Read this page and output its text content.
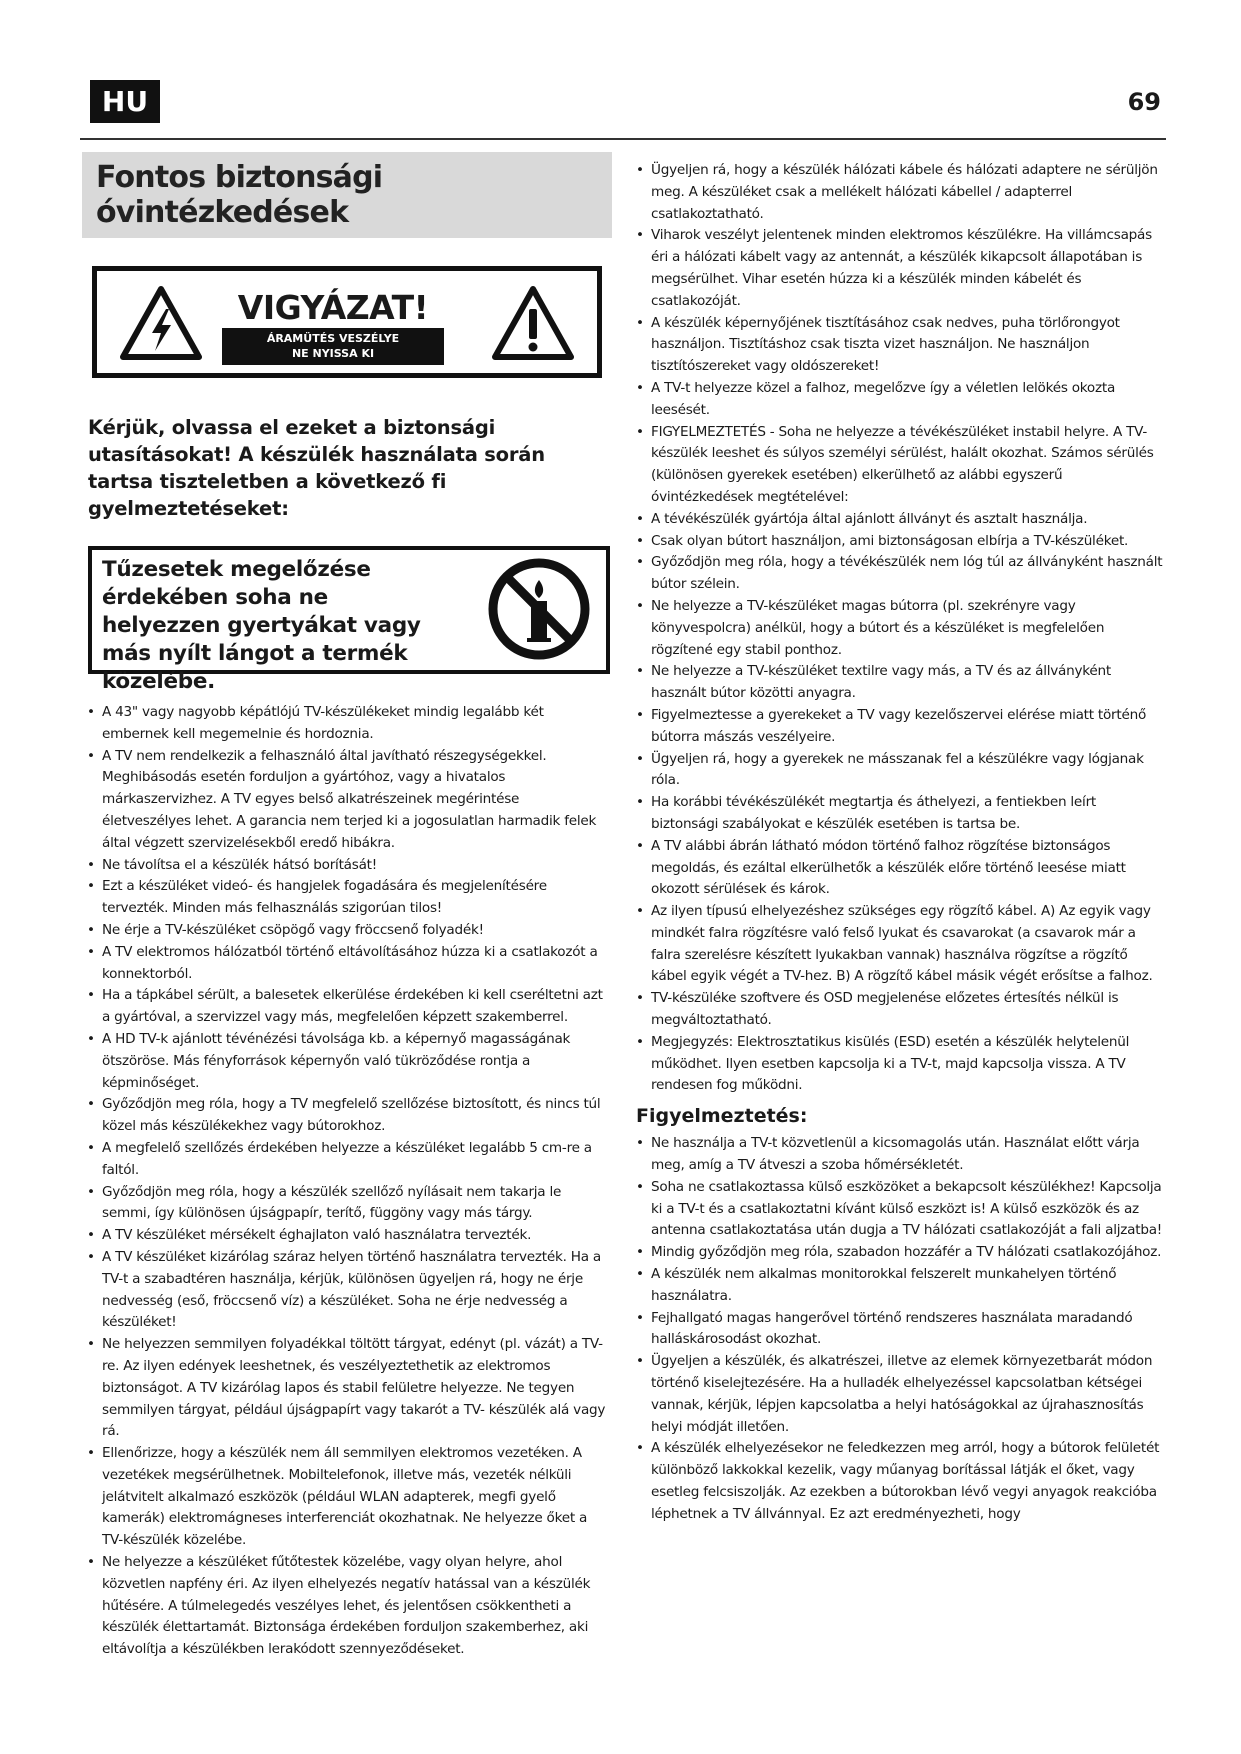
HU	69
Fontos biztonsági óvintézkedések
VIGYÁZAT!
ÁRAMÜTÉS VESZÉLYE
NE NYISSA KI
Kérjük, olvassa el ezeket a biztonsági utasításokat! A készülék használata során tartsa tiszteletben a következő fi gyelmeztetéseket:
Tűzesetek megelőzése érdekében soha ne helyezzen gyertyákat vagy más nyílt lángot a termék közelébe.
• A 43" vagy nagyobb képátlójú TV-készülékeket mindig legalább két embernek kell megemelnie és hordoznia.
• A TV nem rendelkezik a felhasználó által javítható részegységekkel. Meghibásodás esetén forduljon a gyártóhoz, vagy a hivatalos márkaszervizhez. A TV egyes belső alkatrészeinek megérintése életveszélyes lehet. A garancia nem terjed ki a jogosulatlan harmadik felek által végzett szervizelésekből eredő hibákra.
• Ne távolítsa el a készülék hátsó borítását!
• Ezt a készüléket videó- és hangjelek fogadására és megjelenítésére tervezték. Minden más felhasználás szigorúan tilos!
• Ne érje a TV-készüléket csöpögő vagy fröccsenő folyadék!
• A TV elektromos hálózatból történő eltávolításához húzza ki a csatlakozót a konnektorból.
• Ha a tápkábel sérült, a balesetek elkerülése érdekében ki kell cseréltetni azt a gyártóval, a szervizzel vagy más, megfelelően képzett szakemberrel.
• A HD TV-k ajánlott tévénézési távolsága kb. a képernyő magasságának ötszöröse. Más fényforrások képernyőn való tükröződése rontja a képminőséget.
• Győződjön meg róla, hogy a TV megfelelő szellőzése biztosított, és nincs túl közel más készülékekhez vagy bútorokhoz.
• A megfelelő szellőzés érdekében helyezze a készüléket legalább 5 cm-re a faltól.
• Győződjön meg róla, hogy a készülék szellőző nyílásait nem takarja le semmi, így különösen újságpapír, terítő, függöny vagy más tárgy.
• A TV készüléket mérsékelt éghajlaton való használatra tervezték.
• A TV készüléket kizárólag száraz helyen történő használatra tervezték. Ha a TV-t a szabadtéren használja, kérjük, különösen ügyeljen rá, hogy ne érje nedvesség (eső, fröccsenő víz) a készüléket. Soha ne érje nedvesség a készüléket!
• Ne helyezzen semmilyen folyadékkal töltött tárgyat, edényt (pl. vázát) a TV-re. Az ilyen edények leeshetnek, és veszélyeztethetik az elektromos biztonságot. A TV kizárólag lapos és stabil felületre helyezze. Ne tegyen semmilyen tárgyat, például újságpapírt vagy takarót a TV- készülék alá vagy rá.
• Ellenőrizze, hogy a készülék nem áll semmilyen elektromos vezetéken. A vezetékek megsérülhetnek. Mobiltelefonok, illetve más, vezeték nélküli jelátvitelt alkalmazó eszközök (például WLAN adapterek, megfi gyelő kamerák) elektromágneses interferenciát okozhatnak. Ne helyezze őket a TV-készülék közelébe.
• Ne helyezze a készüléket fűtőtestek közelébe, vagy olyan helyre, ahol közvetlen napfény éri. Az ilyen elhelyezés negatív hatással van a készülék hűtésére. A túlmelegedés veszélyes lehet, és jelentősen csökkentheti a készülék élettartamát. Biztonsága érdekében forduljon szakemberhez, aki eltávolítja a készülékben lerakódott szennyeződéseket.
• Ügyeljen rá, hogy a készülék hálózati kábele és hálózati adaptere ne sérüljön meg. A készüléket csak a mellékelt hálózati kábellel / adapterrel csatlakoztatható.
• Viharok veszélyt jelentenek minden elektromos készülékre. Ha villámcsapás éri a hálózati kábelt vagy az antennát, a készülék kikapcsolt állapotában is megsérülhet. Vihar esetén húzza ki a készülék minden kábelét és csatlakozóját.
• A készülék képernyőjének tisztításához csak nedves, puha törlőrongyot használjon. Tisztításhoz csak tiszta vizet használjon. Ne használjon tisztítószereket vagy oldószereket!
• A TV-t helyezze közel a falhoz, megelőzve így a véletlen lelökés okozta leesését.
• FIGYELMEZTETÉS - Soha ne helyezze a tévékészüléket instabil helyre. A TV-készülék leeshet és súlyos személyi sérülést, halált okozhat. Számos sérülés (különösen gyerekek esetében) elkerülhető az alábbi egyszerű óvintézkedések megtételével:
• A tévékészülék gyártója által ajánlott állványt és asztalt használja.
• Csak olyan bútort használjon, ami biztonságosan elbírja a TV-készüléket.
• Győződjön meg róla, hogy a tévékészülék nem lóg túl az állványként használt bútor szélein.
• Ne helyezze a TV-készüléket magas bútorra (pl. szekrényre vagy könyvespolcra) anélkül, hogy a bútort és a készüléket is megfelelően rögzítené egy stabil ponthoz.
• Ne helyezze a TV-készüléket textilre vagy más, a TV és az állványként használt bútor közötti anyagra.
• Figyelmeztesse a gyerekeket a TV vagy kezelőszervei elérése miatt történő bútorra mászás veszélyeire.
• Ügyeljen rá, hogy a gyerekek ne másszanak fel a készülékre vagy lógjanak róla.
• Ha korábbi tévékészülékét megtartja és áthelyezi, a fentiekben leírt biztonsági szabályokat e készülék esetében is tartsa be.
• A TV alábbi ábrán látható módon történő falhoz rögzítése biztonságos megoldás, és ezáltal elkerülhetők a készülék előre történő leesése miatt okozott sérülések és károk.
• Az ilyen típusú elhelyezéshez szükséges egy rögzítő kábel. A) Az egyik vagy mindkét falra rögzítésre való felső lyukat és csavarokat (a csavarok már a falra szerelésre készített lyukakban vannak) használva rögzítse a rögzítő kábel egyik végét a TV-hez. B) A rögzítő kábel másik végét erősítse a falhoz.
• TV-készüléke szoftvere és OSD megjelenése előzetes értesítés nélkül is megváltoztatható.
• Megjegyzés: Elektrosztatikus kisülés (ESD) esetén a készülék helytelenül működhet. Ilyen esetben kapcsolja ki a TV-t, majd kapcsolja vissza. A TV rendesen fog működni.
Figyelmeztetés:
• Ne használja a TV-t közvetlenül a kicsomagolás után. Használat előtt várja meg, amíg a TV átveszi a szoba hőmérsékletét.
• Soha ne csatlakoztassa külső eszközöket a bekapcsolt készülékhez! Kapcsolja ki a TV-t és a csatlakoztatni kívánt külső eszközt is! A külső eszközök és az antenna csatlakoztatása után dugja a TV hálózati csatlakozóját a fali aljzatba!
• Mindig győződjön meg róla, szabadon hozzáfér a TV hálózati csatlakozójához.
• A készülék nem alkalmas monitorokkal felszerelt munkahelyen történő használatra.
• Fejhallgató magas hangerővel történő rendszeres használata maradandó halláskárosodást okozhat.
• Ügyeljen a készülék, és alkatrészei, illetve az elemek környezetbarát módon történő kiselejtezésére. Ha a hulladék elhelyezéssel kapcsolatban kétségei vannak, kérjük, lépjen kapcsolatba a helyi hatóságokkal az újrahasznosítás helyi módját illetően.
• A készülék elhelyezésekor ne feledkezzen meg arról, hogy a bútorok felületét különböző lakkokkal kezelik, vagy műanyag borítással látják el őket, vagy esetleg felcsiszolják. Az ezekben a bútorokban lévő vegyi anyagok reakcióba léphetnek a TV állvánnyal. Ez azt eredményezheti, hogy
